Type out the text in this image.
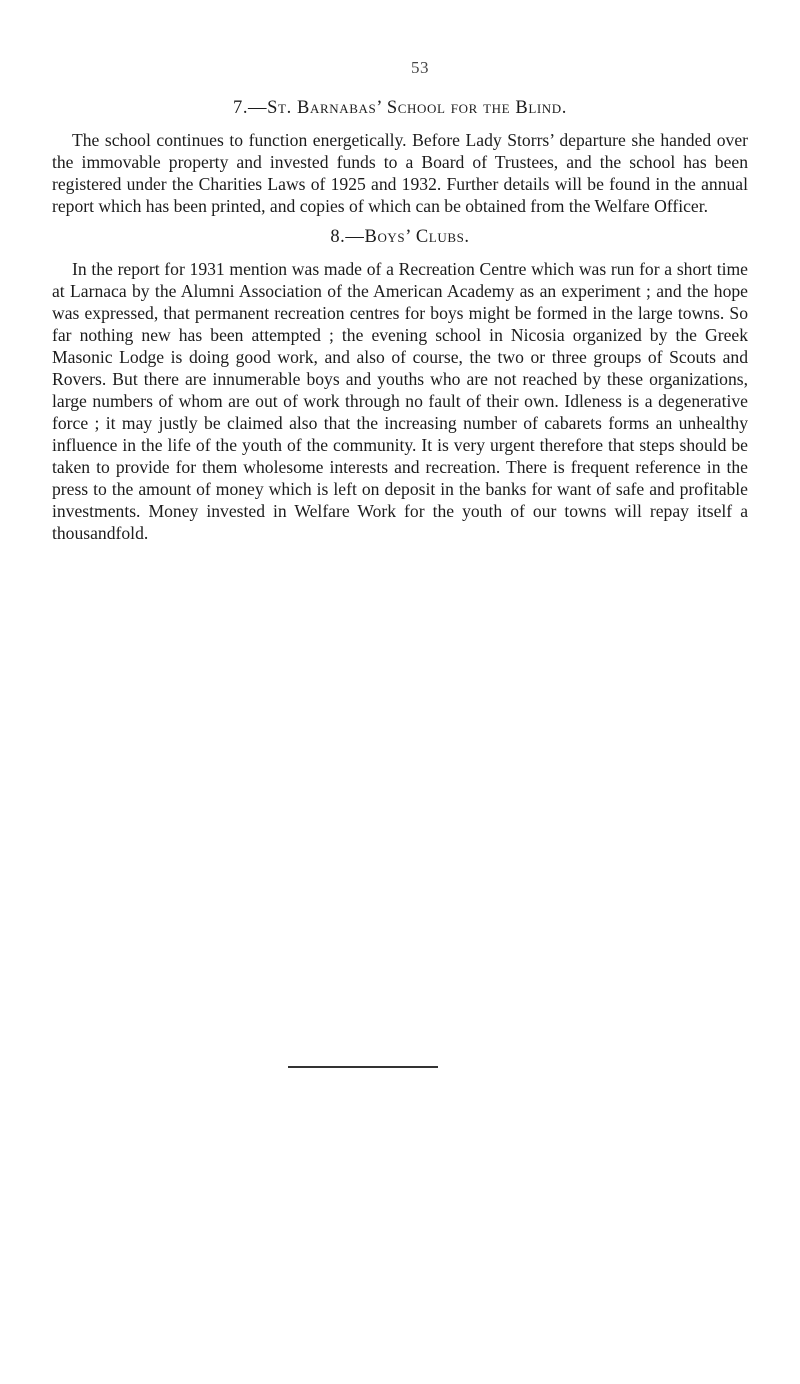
53
7.—St. Barnabas’ School for the Blind.

The school continues to function energetically. Before Lady Storrs’ departure she handed over the immovable property and invested funds to a Board of Trustees, and the school has been registered under the Charities Laws of 1925 and 1932. Further details will be found in the annual report which has been printed, and copies of which can be obtained from the Welfare Officer.

8.—Boys’ Clubs.

In the report for 1931 mention was made of a Recreation Centre which was run for a short time at Larnaca by the Alumni Association of the American Academy as an experiment ; and the hope was expressed, that permanent recreation centres for boys might be formed in the large towns. So far nothing new has been attempted ; the evening school in Nicosia organized by the Greek Masonic Lodge is doing good work, and also of course, the two or three groups of Scouts and Rovers. But there are innumerable boys and youths who are not reached by these organizations, large numbers of whom are out of work through no fault of their own. Idleness is a degenerative force ; it may justly be claimed also that the increasing number of cabarets forms an unhealthy influence in the life of the youth of the community. It is very urgent therefore that steps should be taken to provide for them wholesome interests and recreation. There is frequent reference in the press to the amount of money which is left on deposit in the banks for want of safe and profitable investments. Money invested in Welfare Work for the youth of our towns will repay itself a thousandfold.
